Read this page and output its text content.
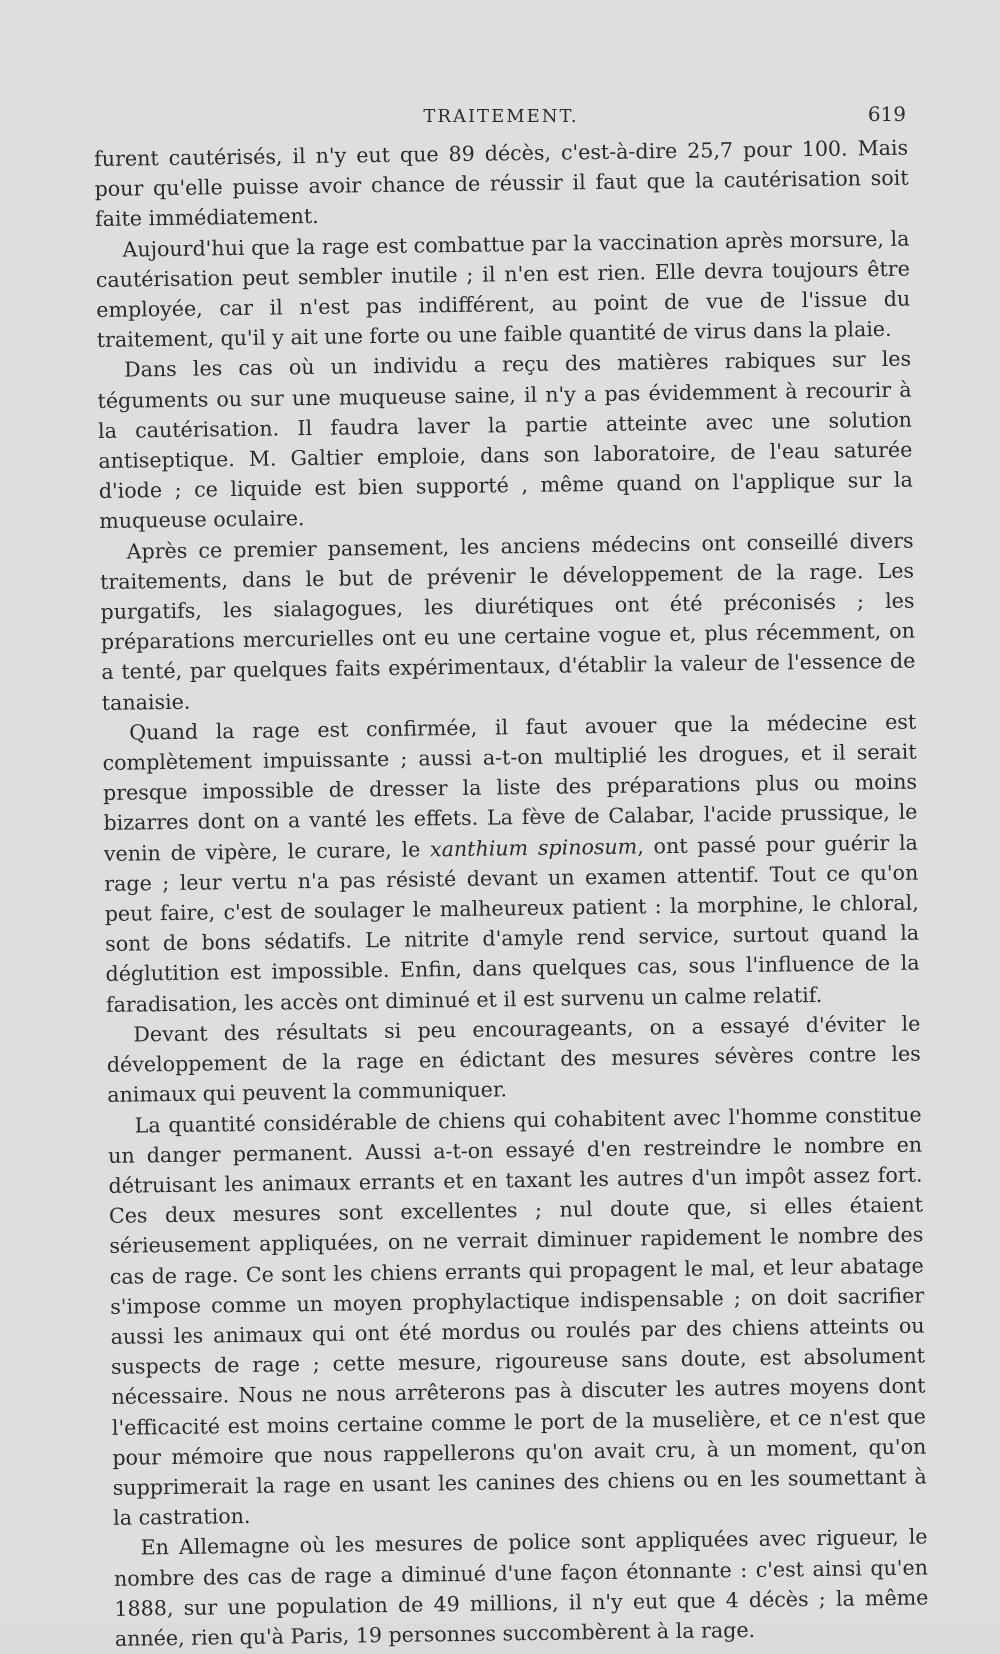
TRAITEMENT.	619

furent cautérisés, il n'y eut que 89 décès, c'est-à-dire 25,7 pour 100. Mais pour qu'elle puisse avoir chance de réussir il faut que la cautérisation soit faite immédiatement.

Aujourd'hui que la rage est combattue par la vaccination après morsure, la cautérisation peut sembler inutile ; il n'en est rien. Elle devra toujours être employée, car il n'est pas indifférent, au point de vue de l'issue du traitement, qu'il y ait une forte ou une faible quantité de virus dans la plaie.

Dans les cas où un individu a reçu des matières rabiques sur les téguments ou sur une muqueuse saine, il n'y a pas évidemment à recourir à la cautérisation. Il faudra laver la partie atteinte avec une solution antiseptique. M. Galtier emploie, dans son laboratoire, de l'eau saturée d'iode ; ce liquide est bien supporté , même quand on l'applique sur la muqueuse oculaire.

Après ce premier pansement, les anciens médecins ont conseillé divers traitements, dans le but de prévenir le développement de la rage. Les purgatifs, les sialagogues, les diurétiques ont été préconisés ; les préparations mercurielles ont eu une certaine vogue et, plus récemment, on a tenté, par quelques faits expérimentaux, d'établir la valeur de l'essence de tanaisie.

Quand la rage est confirmée, il faut avouer que la médecine est complètement impuissante ; aussi a-t-on multiplié les drogues, et il serait presque impossible de dresser la liste des préparations plus ou moins bizarres dont on a vanté les effets. La fève de Calabar, l'acide prussique, le venin de vipère, le curare, le xanthium spinosum, ont passé pour guérir la rage ; leur vertu n'a pas résisté devant un examen attentif. Tout ce qu'on peut faire, c'est de soulager le malheureux patient : la morphine, le chloral, sont de bons sédatifs. Le nitrite d'amyle rend service, surtout quand la déglutition est impossible. Enfin, dans quelques cas, sous l'influence de la faradisation, les accès ont diminué et il est survenu un calme relatif.

Devant des résultats si peu encourageants, on a essayé d'éviter le développement de la rage en édictant des mesures sévères contre les animaux qui peuvent la communiquer.

La quantité considérable de chiens qui cohabitent avec l'homme constitue un danger permanent. Aussi a-t-on essayé d'en restreindre le nombre en détruisant les animaux errants et en taxant les autres d'un impôt assez fort. Ces deux mesures sont excellentes ; nul doute que, si elles étaient sérieusement appliquées, on ne verrait diminuer rapidement le nombre des cas de rage. Ce sont les chiens errants qui propagent le mal, et leur abatage s'impose comme un moyen prophylactique indispensable ; on doit sacrifier aussi les animaux qui ont été mordus ou roulés par des chiens atteints ou suspects de rage ; cette mesure, rigoureuse sans doute, est absolument nécessaire. Nous ne nous arrêterons pas à discuter les autres moyens dont l'efficacité est moins certaine comme le port de la muselière, et ce n'est que pour mémoire que nous rappellerons qu'on avait cru, à un moment, qu'on supprimerait la rage en usant les canines des chiens ou en les soumettant à la castration.

En Allemagne où les mesures de police sont appliquées avec rigueur, le nombre des cas de rage a diminué d'une façon étonnante : c'est ainsi qu'en 1888, sur une population de 49 millions, il n'y eut que 4 décès ; la même année, rien qu'à Paris, 19 personnes succombèrent à la rage.
